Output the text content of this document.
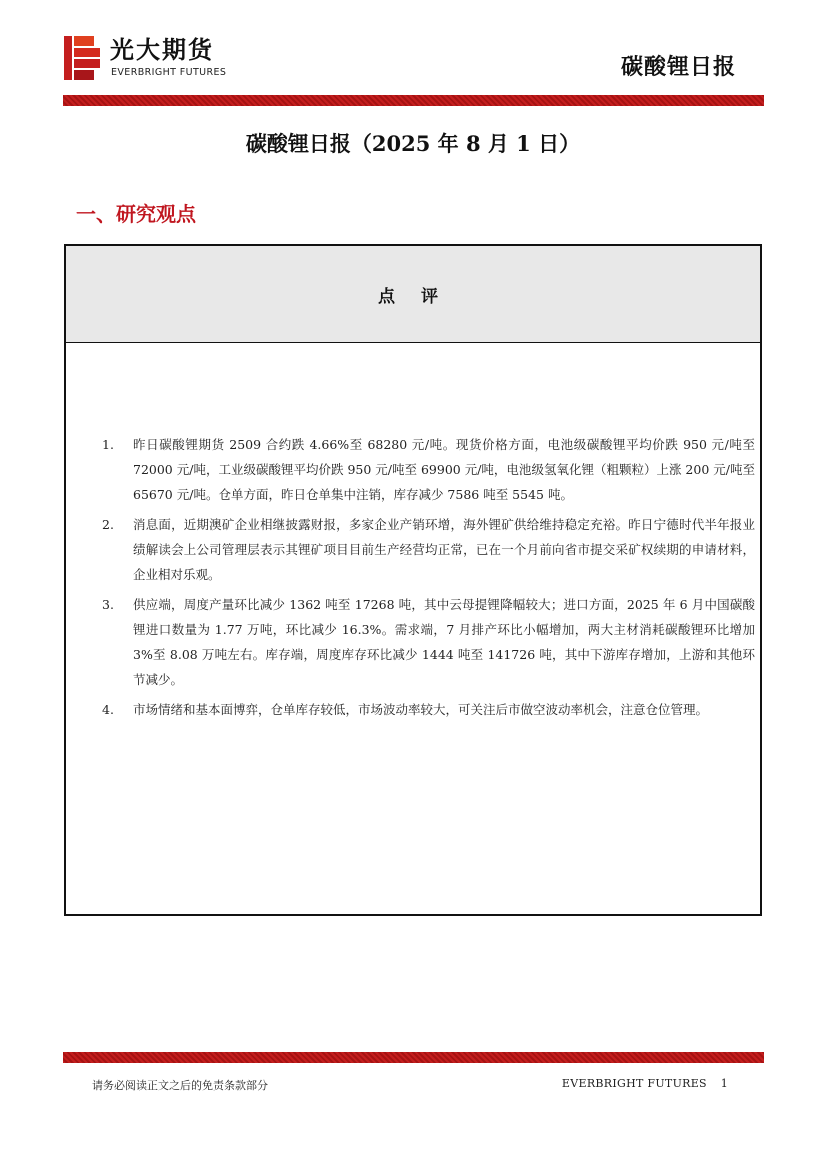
光大期货
EVERBRIGHT FUTURES	碳酸锂日报
碳酸锂日报（2025 年 8 月 1 日）
一、研究观点
点 评
1. 昨日碳酸锂期货 2509 合约跌 4.66%至 68280 元/吨。现货价格方面，电池级碳酸锂平均价跌 950 元/吨至 72000 元/吨，工业级碳酸锂平均价跌 950 元/吨至 69900 元/吨，电池级氢氧化锂（粗颗粒）上涨 200 元/吨至 65670 元/吨。仓单方面，昨日仓单集中注销，库存减少 7586 吨至 5545 吨。
2. 消息面，近期澳矿企业相继披露财报，多家企业产销环增，海外锂矿供给维持稳定充裕。昨日宁德时代半年报业绩解读会上公司管理层表示其锂矿项目目前生产经营均正常，已在一个月前向省市提交采矿权续期的申请材料，企业相对乐观。
3. 供应端，周度产量环比减少 1362 吨至 17268 吨，其中云母提锂降幅较大；进口方面，2025 年 6 月中国碳酸锂进口数量为 1.77 万吨，环比减少 16.3%。需求端，7 月排产环比小幅增加，两大主材消耗碳酸锂环比增加 3%至 8.08 万吨左右。库存端，周度库存环比减少 1444 吨至 141726 吨，其中下游库存增加，上游和其他环节减少。
4. 市场情绪和基本面博弈，仓单库存较低，市场波动率较大，可关注后市做空波动率机会，注意仓位管理。
请务必阅读正文之后的免责条款部分	EVERBRIGHT FUTURES 1
